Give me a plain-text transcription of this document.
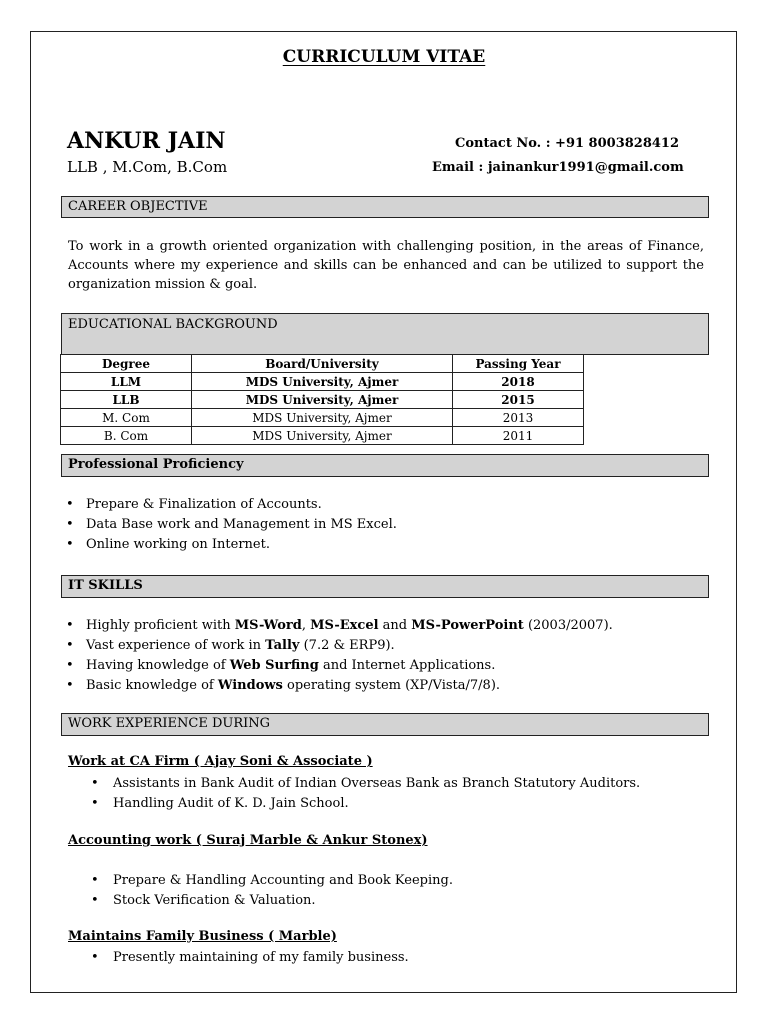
CURRICULUM VITAE
ANKUR JAIN
LLB , M.Com, B.Com
Contact No. : +91 8003828412
Email : jainankur1991@gmail.com
CAREER OBJECTIVE
To work in a growth oriented organization with challenging position, in the areas of Finance, Accounts where my experience and skills can be enhanced and can be utilized to support the organization mission & goal.
EDUCATIONAL BACKGROUND
Degree	Board/University	Passing Year
LLM	MDS University, Ajmer	2018
LLB	MDS University, Ajmer	2015
M. Com	MDS University, Ajmer	2013
B. Com	MDS University, Ajmer	2011
Professional Proficiency
• Prepare & Finalization of Accounts.
• Data Base work and Management in MS Excel.
• Online working on Internet.
IT SKILLS
• Highly proficient with MS-Word, MS-Excel and MS-PowerPoint (2003/2007).
• Vast experience of work in Tally (7.2 & ERP9).
• Having knowledge of Web Surfing and Internet Applications.
• Basic knowledge of Windows operating system (XP/Vista/7/8).
WORK EXPERIENCE DURING
Work at CA Firm ( Ajay Soni & Associate )
• Assistants in Bank Audit of Indian Overseas Bank as Branch Statutory Auditors.
• Handling Audit of K. D. Jain School.
Accounting work ( Suraj Marble & Ankur Stonex)
• Prepare & Handling Accounting and Book Keeping.
• Stock Verification & Valuation.
Maintains Family Business ( Marble)
• Presently maintaining of my family business.
